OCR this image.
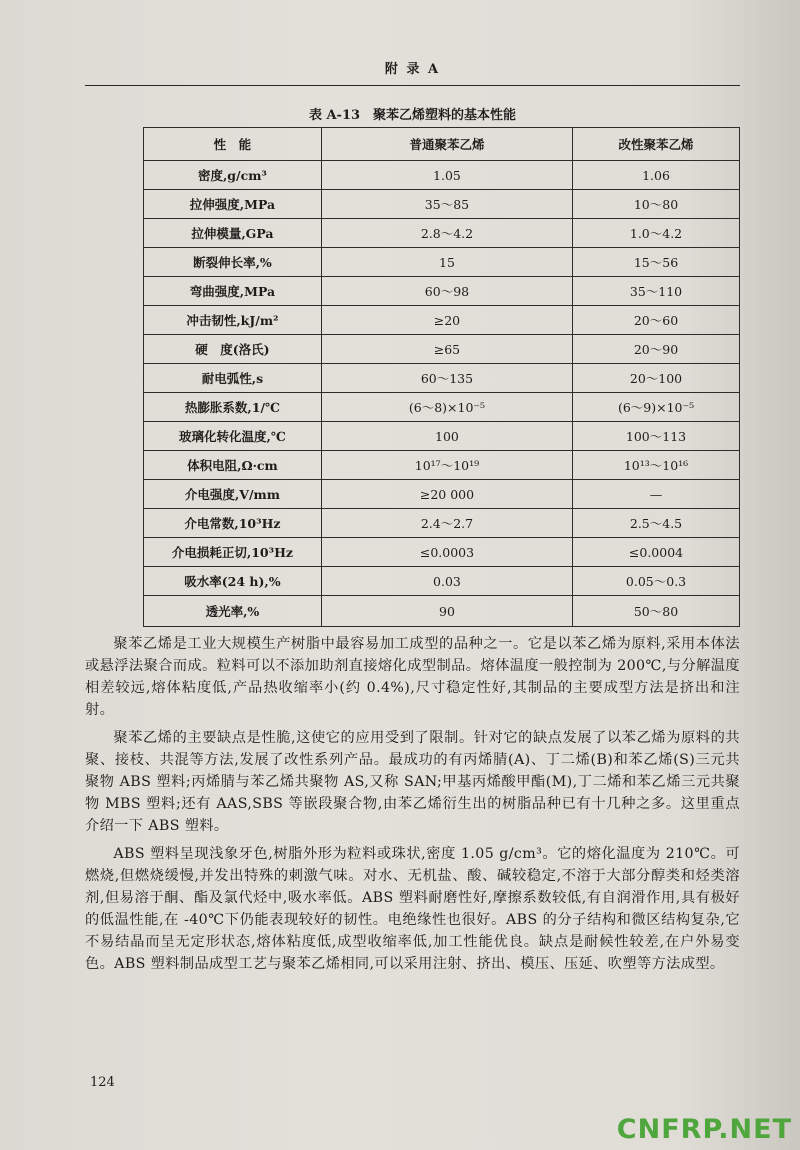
附 录 A
表 A-13　聚苯乙烯塑料的基本性能
性　能	普通聚苯乙烯	改性聚苯乙烯
密度,g/cm³	1.05	1.06
拉伸强度,MPa	35～85	10～80
拉伸模量,GPa	2.8～4.2	1.0～4.2
断裂伸长率,%	15	15～56
弯曲强度,MPa	60～98	35～110
冲击韧性,kJ/m²	≥20	20～60
硬　度(洛氏)	≥65	20～90
耐电弧性,s	60～135	20～100
热膨胀系数,1/℃	(6～8)×10⁻⁵	(6～9)×10⁻⁵
玻璃化转化温度,℃	100	100～113
体积电阻,Ω·cm	10¹⁷～10¹⁹	10¹³～10¹⁶
介电强度,V/mm	≥20 000	—
介电常数,10³Hz	2.4～2.7	2.5～4.5
介电损耗正切,10³Hz	≤0.0003	≤0.0004
吸水率(24 h),%	0.03	0.05～0.3
透光率,%	90	50～80

聚苯乙烯是工业大规模生产树脂中最容易加工成型的品种之一。它是以苯乙烯为原料,采用本体法或悬浮法聚合而成。粒料可以不添加助剂直接熔化成型制品。熔体温度一般控制为 200℃,与分解温度相差较远,熔体粘度低,产品热收缩率小(约 0.4%),尺寸稳定性好,其制品的主要成型方法是挤出和注射。

聚苯乙烯的主要缺点是性脆,这使它的应用受到了限制。针对它的缺点发展了以苯乙烯为原料的共聚、接枝、共混等方法,发展了改性系列产品。最成功的有丙烯腈(A)、丁二烯(B)和苯乙烯(S)三元共聚物 ABS 塑料;丙烯腈与苯乙烯共聚物 AS,又称 SAN;甲基丙烯酸甲酯(M),丁二烯和苯乙烯三元共聚物 MBS 塑料;还有 AAS,SBS 等嵌段聚合物,由苯乙烯衍生出的树脂品种已有十几种之多。这里重点介绍一下 ABS 塑料。

ABS 塑料呈现浅象牙色,树脂外形为粒料或珠状,密度 1.05 g/cm³。它的熔化温度为 210℃。可燃烧,但燃烧缓慢,并发出特殊的刺激气味。对水、无机盐、酸、碱较稳定,不溶于大部分醇类和烃类溶剂,但易溶于酮、酯及氯代烃中,吸水率低。ABS 塑料耐磨性好,摩擦系数较低,有自润滑作用,具有极好的低温性能,在 -40℃下仍能表现较好的韧性。电绝缘性也很好。ABS 的分子结构和微区结构复杂,它不易结晶而呈无定形状态,熔体粘度低,成型收缩率低,加工性能优良。缺点是耐候性较差,在户外易变色。ABS 塑料制品成型工艺与聚苯乙烯相同,可以采用注射、挤出、模压、压延、吹塑等方法成型。

124
CNFRP.NET
